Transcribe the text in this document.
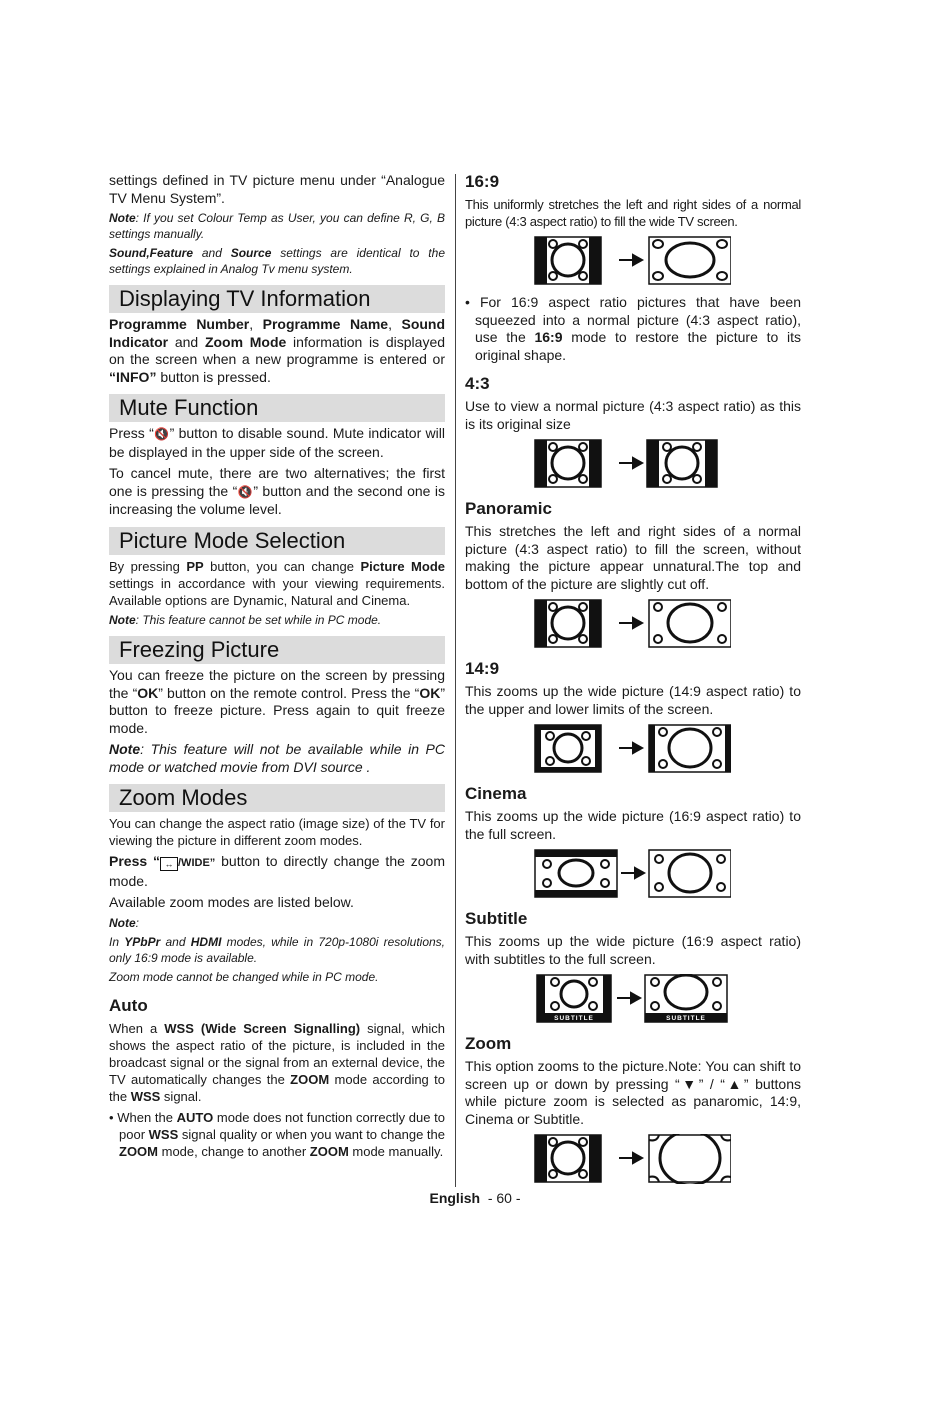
settings defined in TV picture menu under “Analogue TV Menu System”.

Note: If you set Colour Temp as User, you can define R, G, B settings manually.

Sound,Feature and Source settings are identical to the settings explained in Analog Tv menu system.

Displaying TV Information

Programme Number, Programme Name, Sound Indicator and Zoom Mode information is displayed on the screen when a new programme is entered or “INFO” button is pressed.

Mute Function

Press “🔇” button to disable sound. Mute indicator will be displayed in the upper side of the screen.

To cancel mute, there are two alternatives; the first one is pressing the “🔇” button and the second one is increasing the volume level.

Picture Mode Selection

By pressing PP button, you can change Picture Mode settings in accordance with your viewing requirements. Available options are Dynamic, Natural and Cinema.

Note: This feature cannot be set while in PC mode.

Freezing Picture

You can freeze the picture on the screen by pressing the “OK” button on the remote control. Press the “OK” button to freeze picture. Press again to quit freeze mode.

Note: This feature will not be available while in PC mode or watched movie from DVI source .

Zoom Modes

You can change the aspect ratio (image size) of the TV for viewing the picture in different zoom modes.

Press “ ↔ /WIDE” button to directly change the zoom mode.

Available zoom modes are listed below.

Note:

In YPbPr and HDMI modes, while in 720p-1080i resolutions, only 16:9 mode is available.

Zoom mode cannot be changed while in PC mode.

Auto

When a WSS (Wide Screen Signalling) signal, which shows the aspect ratio of the picture, is included in the broadcast signal or the signal from an external device, the TV automatically changes the ZOOM mode according to the WSS signal.

• When the AUTO mode does not function correctly due to poor WSS signal quality or when you want to change the ZOOM mode, change to another ZOOM mode manually.

16:9

This uniformly stretches the left and right sides of a normal picture (4:3 aspect ratio) to fill the wide TV screen.

• For 16:9 aspect ratio pictures that have been squeezed into a normal picture (4:3 aspect ratio), use the 16:9 mode to restore the picture to its original shape.

4:3

Use to view a normal picture (4:3 aspect ratio) as this is its original size

Panoramic

This stretches the left and right sides of a normal picture (4:3 aspect ratio) to fill the screen, without making the picture appear unnatural.The top and bottom of the picture are slightly cut off.

14:9

This zooms up the wide picture (14:9 aspect ratio) to the upper and lower limits of the screen.

Cinema

This zooms up the wide picture (16:9 aspect ratio) to the full screen.

Subtitle

This zooms up the wide picture (16:9 aspect ratio) with subtitles to the full screen.

SUBTITLE	SUBTITLE
Zoom

This option zooms to the picture.Note: You can shift to screen up or down by pressing “▼” / “▲” buttons while picture zoom is selected as panaromic, 14:9, Cinema or Subtitle.

English  - 60 -
